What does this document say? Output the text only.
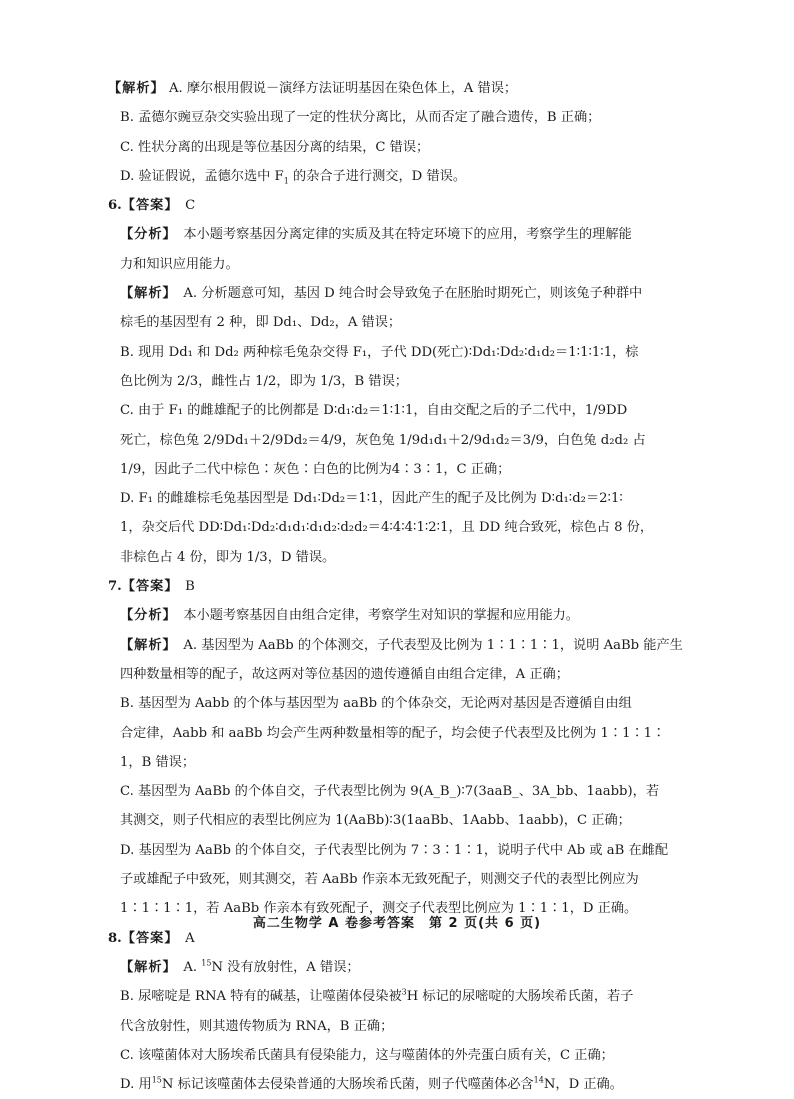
【解析】 A. 摩尔根用假说－演绎方法证明基因在染色体上，A 错误；
B. 孟德尔豌豆杂交实验出现了一定的性状分离比，从而否定了融合遗传，B 正确；
C. 性状分离的出现是等位基因分离的结果，C 错误；
D. 验证假说，孟德尔选中 $F_1$ 的杂合子进行测交，D 错误。
6.【答案】　 C
【分析】　 本小题考察基因分离定律的实质及其在特定环境下的应用，考察学生的理解能
力和知识应用能力。
【解析】　 A. 分析题意可知，基因 D 纯合时会导致兔子在胚胎时期死亡，则该兔子种群中
棕毛的基因型有 2 种，即 Dd₁、Dd₂，A 错误；
B. 现用 Dd₁ 和 Dd₂ 两种棕毛兔杂交得 F₁，子代 DD(死亡)∶Dd₁∶Dd₂∶d₁d₂＝1∶1∶1∶1，棕
色比例为 2/3，雌性占 1/2，即为 1/3，B 错误；
C. 由于 F₁ 的雌雄配子的比例都是 D∶d₁∶d₂＝1∶1∶1，自由交配之后的子二代中，1/9DD
死亡，棕色兔 2/9Dd₁＋2/9Dd₂＝4/9，灰色兔 1/9d₁d₁＋2/9d₁d₂＝3/9，白色兔 d₂d₂ 占
1/9，因此子二代中棕色∶灰色∶白色的比例为4∶3∶1，C 正确；
D. F₁ 的雌雄棕毛兔基因型是 Dd₁∶Dd₂＝1∶1，因此产生的配子及比例为 D∶d₁∶d₂＝2∶1∶
1，杂交后代 DD∶Dd₁∶Dd₂∶d₁d₁∶d₁d₂∶d₂d₂＝4∶4∶4∶1∶2∶1，且 DD 纯合致死，棕色占 8 份，
非棕色占 4 份，即为 1/3，D 错误。
7.【答案】　 B
【分析】　 本小题考察基因自由组合定律，考察学生对知识的掌握和应用能力。
【解析】　 A. 基因型为 AaBb 的个体测交，子代表型及比例为 1∶1∶1∶1，说明 AaBb 能产生
四种数量相等的配子，故这两对等位基因的遗传遵循自由组合定律，A 正确；
B. 基因型为 Aabb 的个体与基因型为 aaBb 的个体杂交，无论两对基因是否遵循自由组
合定律，Aabb 和 aaBb 均会产生两种数量相等的配子，均会使子代表型及比例为 1∶1∶1∶
1，B 错误；
C. 基因型为 AaBb 的个体自交，子代表型比例为 9(A_B_)∶7(3aaB_、3A_bb、1aabb)，若
其测交，则子代相应的表型比例应为 1(AaBb)∶3(1aaBb、1Aabb、1aabb)，C 正确；
D. 基因型为 AaBb 的个体自交，子代表型比例为 7∶3∶1∶1，说明子代中 Ab 或 aB 在雌配
子或雄配子中致死，则其测交，若 AaBb 作亲本无致死配子，则测交子代的表型比例应为
1∶1∶1∶1，若 AaBb 作亲本有致死配子，测交子代表型比例应为 1∶1∶1，D 正确。
8.【答案】　 A
【解析】　 A. $^{15}$N 没有放射性，A 错误；
B. 尿嘧啶是 RNA 特有的碱基，让噬菌体侵染被$^3$H 标记的尿嘧啶的大肠埃希氏菌，若子
代含放射性，则其遗传物质为 RNA，B 正确；
C. 该噬菌体对大肠埃希氏菌具有侵染能力，这与噬菌体的外壳蛋白质有关，C 正确；
D. 用$^{15}$N 标记该噬菌体去侵染普通的大肠埃希氏菌，则子代噬菌体必含$^{14}$N，D 正确。
高二生物学 A 卷参考答案　第 2 页(共 6 页)
